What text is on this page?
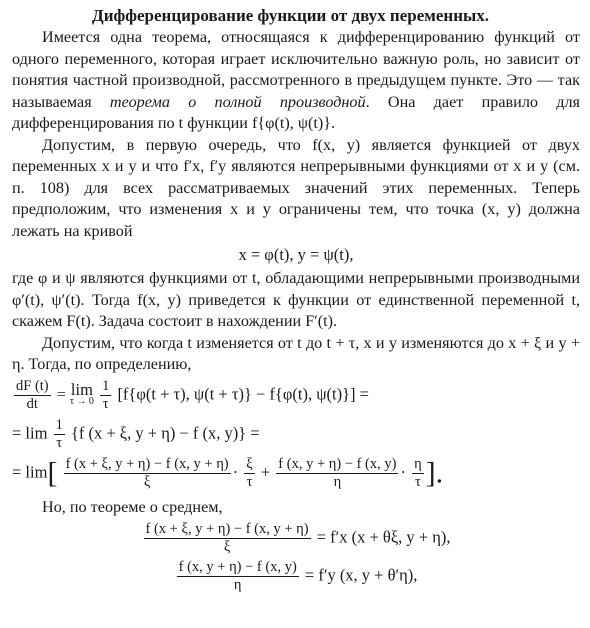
Дифференцирование функции от двух переменных.

Имеется одна теорема, относящаяся к дифференцированию функций от одного переменного, которая играет исключительно важную роль, но зависит от понятия частной производной, рассмотренного в предыдущем пункте. Это — так называемая теорема о полной производной. Она дает правило для дифференцирования по t функции f{φ(t), ψ(t)}.

Допустим, в первую очередь, что f(x, y) является функцией от двух переменных x и y и что f′x, f′y являются непрерывными функциями от x и y (см. п. 108) для всех рассматриваемых значений этих переменных. Теперь предположим, что изменения x и y ограничены тем, что точка (x, y) должна лежать на кривой

x = φ(t), y = ψ(t),

где φ и ψ являются функциями от t, обладающими непрерывными производными φ′(t), ψ′(t). Тогда f(x, y) приведется к функции от единственной переменной t, скажем F(t). Задача состоит в нахождении F′(t).

Допустим, что когда t изменяется от t до t + τ, x и y изменяются до x + ξ и y + η. Тогда, по определению,

$\frac{dF (t)}{dt} = \lim$
τ → 0
$\frac{1}{\tau} [f\{\varphi(t + \tau)$, ψ(t + τ)} − f{φ(t), ψ(t)}] =
= $\lim \frac{1}{\tau} \{f$ (x + ξ, y + η) − f (x, y)} =
= $\lim[ \frac{f (x + \xi, y + \eta) - f (x, y + \eta)}{\xi} \cdot \frac{\xi}{\tau} + \frac{f (x, y + \eta) - f (x, y)}{\eta} \cdot \frac{\eta}{\tau}$ ].

Но, по теореме о среднем,

$\frac{f (x + \xi, y + \eta) - f (x, y + \eta)}{\xi} = f'x$ (x + θξ, y + η),
$\frac{f (x, y + \eta) - f (x, y)}{\eta} = f'y$ (x, y + θ′η),
